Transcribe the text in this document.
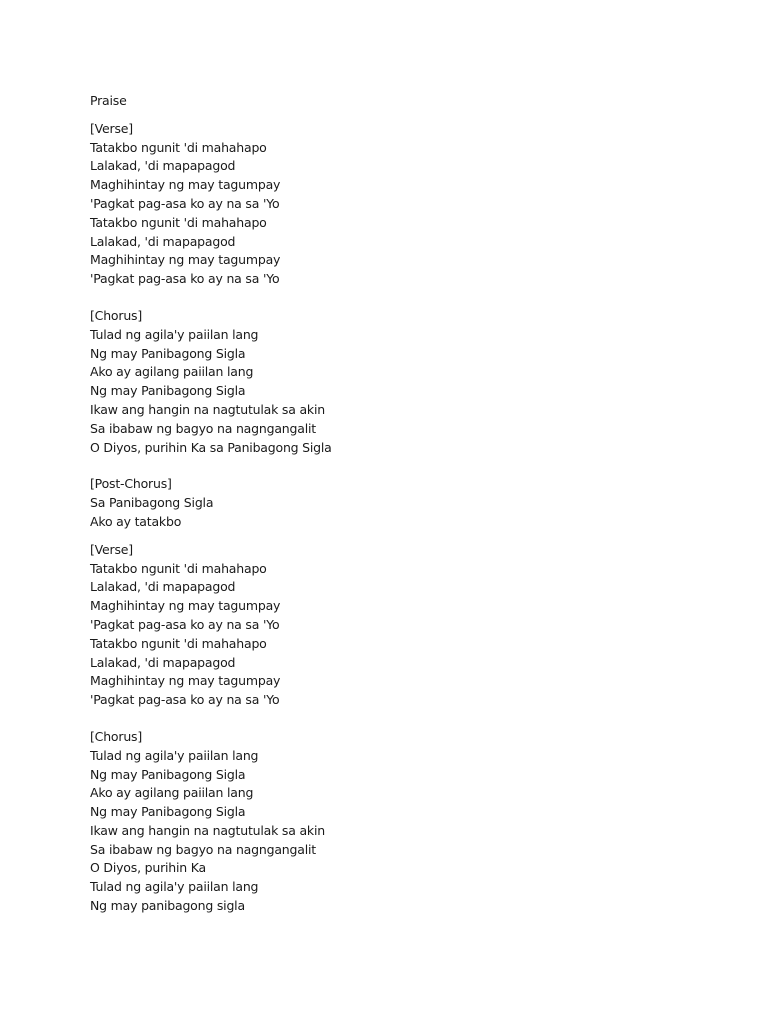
Praise
[Verse]
Tatakbo ngunit 'di mahahapo
Lalakad, 'di mapapagod
Maghihintay ng may tagumpay
'Pagkat pag-asa ko ay na sa 'Yo
Tatakbo ngunit 'di mahahapo
Lalakad, 'di mapapagod
Maghihintay ng may tagumpay
'Pagkat pag-asa ko ay na sa 'Yo
[Chorus]
Tulad ng agila'y paiilan lang
Ng may Panibagong Sigla
Ako ay agilang paiilan lang
Ng may Panibagong Sigla
Ikaw ang hangin na nagtutulak sa akin
Sa ibabaw ng bagyo na nagngangalit
O Diyos, purihin Ka sa Panibagong Sigla
[Post-Chorus]
Sa Panibagong Sigla
Ako ay tatakbo
[Verse]
Tatakbo ngunit 'di mahahapo
Lalakad, 'di mapapagod
Maghihintay ng may tagumpay
'Pagkat pag-asa ko ay na sa 'Yo
Tatakbo ngunit 'di mahahapo
Lalakad, 'di mapapagod
Maghihintay ng may tagumpay
'Pagkat pag-asa ko ay na sa 'Yo
[Chorus]
Tulad ng agila'y paiilan lang
Ng may Panibagong Sigla
Ako ay agilang paiilan lang
Ng may Panibagong Sigla
Ikaw ang hangin na nagtutulak sa akin
Sa ibabaw ng bagyo na nagngangalit
O Diyos, purihin Ka
Tulad ng agila'y paiilan lang
Ng may panibagong sigla
